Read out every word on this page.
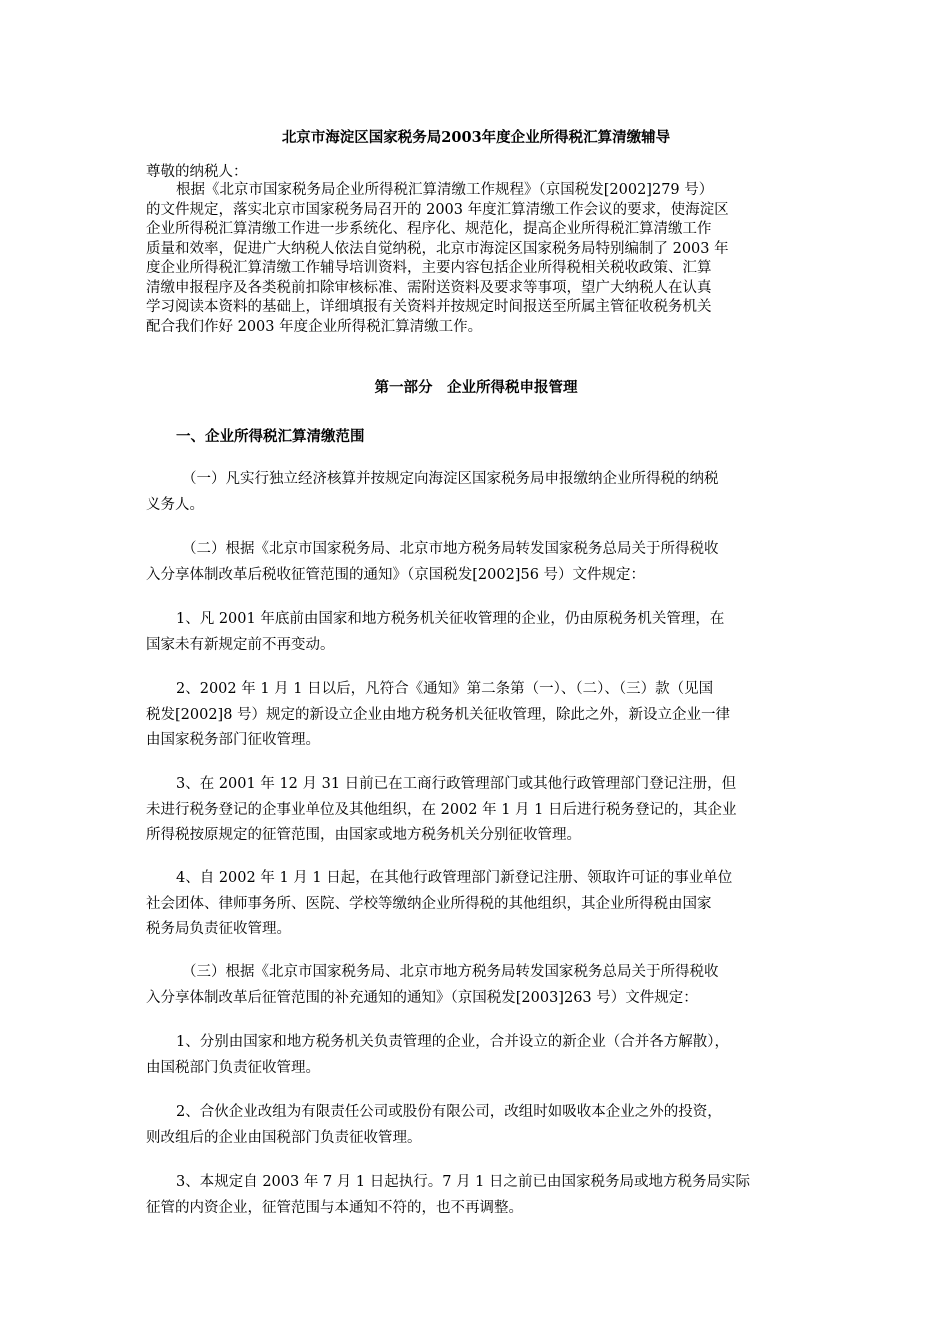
北京市海淀区国家税务局2003年度企业所得税汇算清缴辅导
尊敬的纳税人：
根据《北京市国家税务局企业所得税汇算清缴工作规程》（京国税发[2002]279 号）
的文件规定，落实北京市国家税务局召开的 2003 年度汇算清缴工作会议的要求，使海淀区
企业所得税汇算清缴工作进一步系统化、程序化、规范化，提高企业所得税汇算清缴工作
质量和效率，促进广大纳税人依法自觉纳税，北京市海淀区国家税务局特别编制了 2003 年
度企业所得税汇算清缴工作辅导培训资料，主要内容包括企业所得税相关税收政策、汇算
清缴申报程序及各类税前扣除审核标准、需附送资料及要求等事项，望广大纳税人在认真
学习阅读本资料的基础上，详细填报有关资料并按规定时间报送至所属主管征收税务机关
配合我们作好 2003 年度企业所得税汇算清缴工作。
第一部分　企业所得税申报管理
一、企业所得税汇算清缴范围
（一）凡实行独立经济核算并按规定向海淀区国家税务局申报缴纳企业所得税的纳税
义务人。
（二）根据《北京市国家税务局、北京市地方税务局转发国家税务总局关于所得税收
入分享体制改革后税收征管范围的通知》（京国税发[2002]56 号）文件规定：
1、凡 2001 年底前由国家和地方税务机关征收管理的企业，仍由原税务机关管理，在
国家未有新规定前不再变动。
2、2002 年 1 月 1 日以后，凡符合《通知》第二条第（一）、（二）、（三）款（见国
税发[2002]8 号）规定的新设立企业由地方税务机关征收管理，除此之外，新设立企业一律
由国家税务部门征收管理。
3、在 2001 年 12 月 31 日前已在工商行政管理部门或其他行政管理部门登记注册，但
未进行税务登记的企事业单位及其他组织，在 2002 年 1 月 1 日后进行税务登记的，其企业
所得税按原规定的征管范围，由国家或地方税务机关分别征收管理。
4、自 2002 年 1 月 1 日起，在其他行政管理部门新登记注册、领取许可证的事业单位
社会团体、律师事务所、医院、学校等缴纳企业所得税的其他组织，其企业所得税由国家
税务局负责征收管理。
（三）根据《北京市国家税务局、北京市地方税务局转发国家税务总局关于所得税收
入分享体制改革后征管范围的补充通知的通知》（京国税发[2003]263 号）文件规定：
1、分别由国家和地方税务机关负责管理的企业，合并设立的新企业（合并各方解散），
由国税部门负责征收管理。
2、合伙企业改组为有限责任公司或股份有限公司，改组时如吸收本企业之外的投资，
则改组后的企业由国税部门负责征收管理。
3、本规定自 2003 年 7 月 1 日起执行。7 月 1 日之前已由国家税务局或地方税务局实际
征管的内资企业，征管范围与本通知不符的，也不再调整。
